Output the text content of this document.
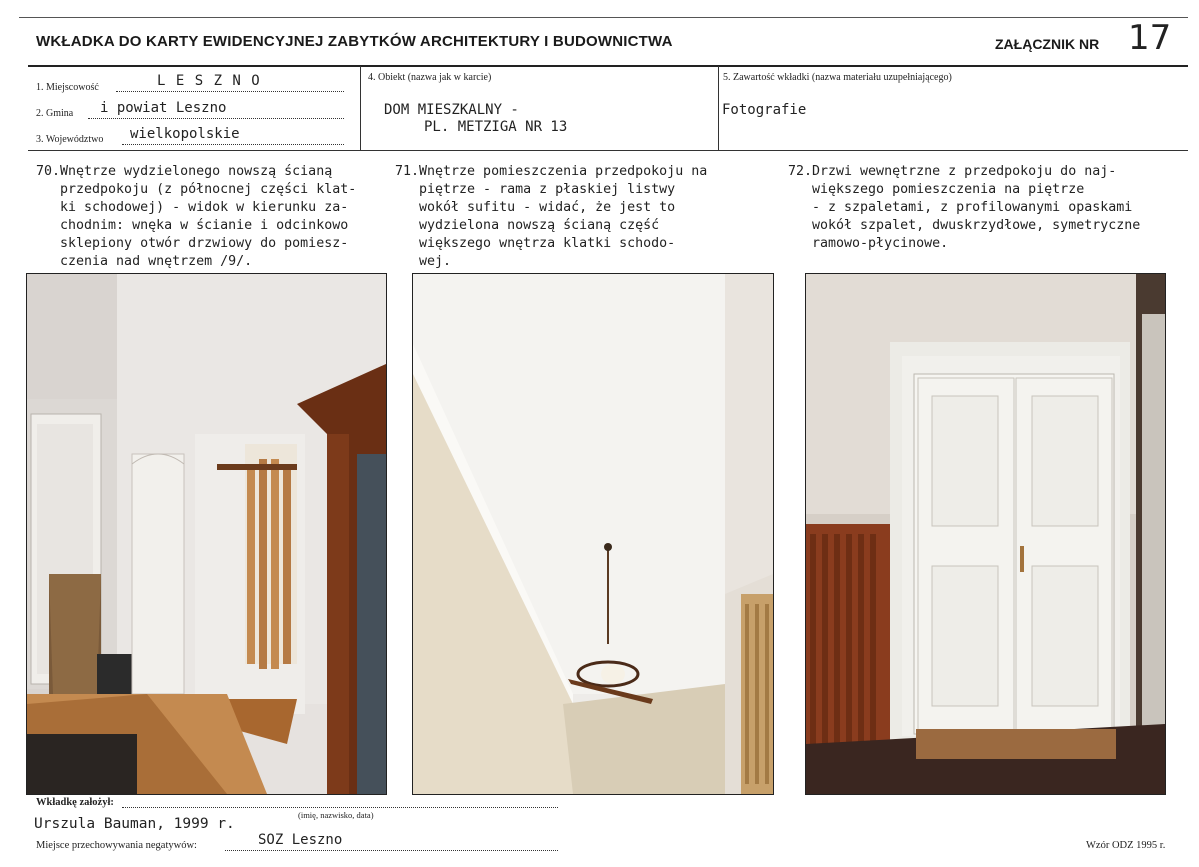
WKŁADKA DO KARTY EWIDENCYJNEJ ZABYTKÓW ARCHITEKTURY I BUDOWNICTWA	ZAŁĄCZNIK NR 17
1. Miejscowość	L E S Z N O
2. Gmina i powiat Leszno
3. Województwo wielkopolskie
4. Obiekt (nazwa jak w karcie)
DOM MIESZKALNY -
PL. METZIGA NR 13
5. Zawartość wkładki (nazwa materiału uzupełniającego)
Fotografie
70.Wnętrze wydzielonego nowszą ścianą
przedpokoju (z północnej części klat-
ki schodowej) - widok w kierunku za-
chodnim: wnęka w ścianie i odcinkowo
sklepiony otwór drzwiowy do pomiesz-
czenia nad wnętrzem /9/.
71.Wnętrze pomieszczenia przedpokoju na
piętrze - rama z płaskiej listwy
wokół sufitu - widać, że jest to
wydzielona nowszą ścianą część
większego wnętrza klatki schodo-
wej.
72.Drzwi wewnętrzne z przedpokoju do naj-
większego pomieszczenia na piętrze
- z szpaletami, z profilowanymi opaskami
wokół szpalet, dwuskrzydłowe, symetryczne
ramowo-płycinowe.
Wkładkę założył:
(imię, nazwisko, data)
Urszula Bauman, 1999 r.
Miejsce przechowywania negatywów:	SOZ Leszno	Wzór ODZ 1995 r.
